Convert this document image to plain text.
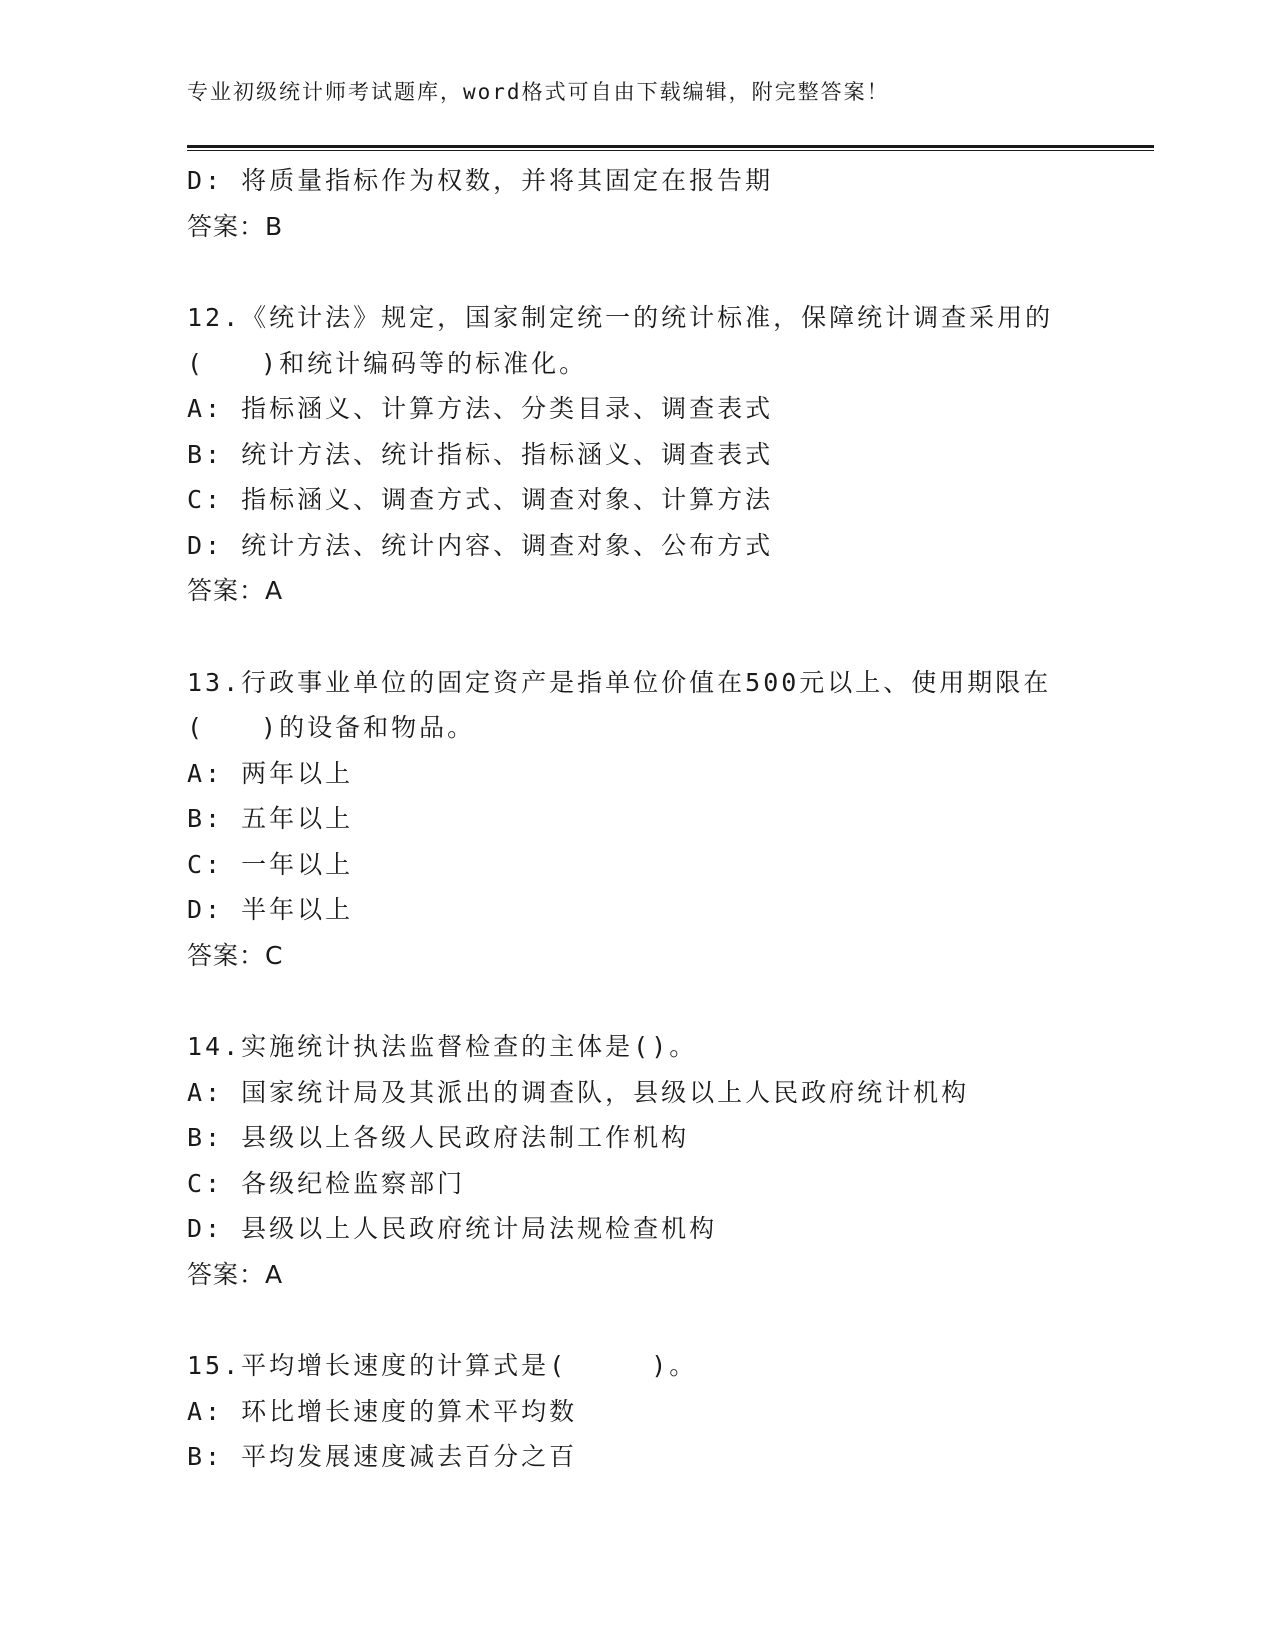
专业初级统计师考试题库，word格式可自由下载编辑，附完整答案！
D: 将质量指标作为权数，并将其固定在报告期
答案：B
12.《统计法》规定，国家制定统一的统计标准，保障统计调查采用的
(　　)和统计编码等的标准化。
A: 指标涵义、计算方法、分类目录、调查表式
B: 统计方法、统计指标、指标涵义、调查表式
C: 指标涵义、调查方式、调查对象、计算方法
D: 统计方法、统计内容、调查对象、公布方式
答案：A
13.行政事业单位的固定资产是指单位价值在500元以上、使用期限在
(　　)的设备和物品。
A: 两年以上
B: 五年以上
C: 一年以上
D: 半年以上
答案：C
14.实施统计执法监督检查的主体是()。
A: 国家统计局及其派出的调查队，县级以上人民政府统计机构
B: 县级以上各级人民政府法制工作机构
C: 各级纪检监察部门
D: 县级以上人民政府统计局法规检查机构
答案：A
15.平均增长速度的计算式是(　　　)。
A: 环比增长速度的算术平均数
B: 平均发展速度减去百分之百
